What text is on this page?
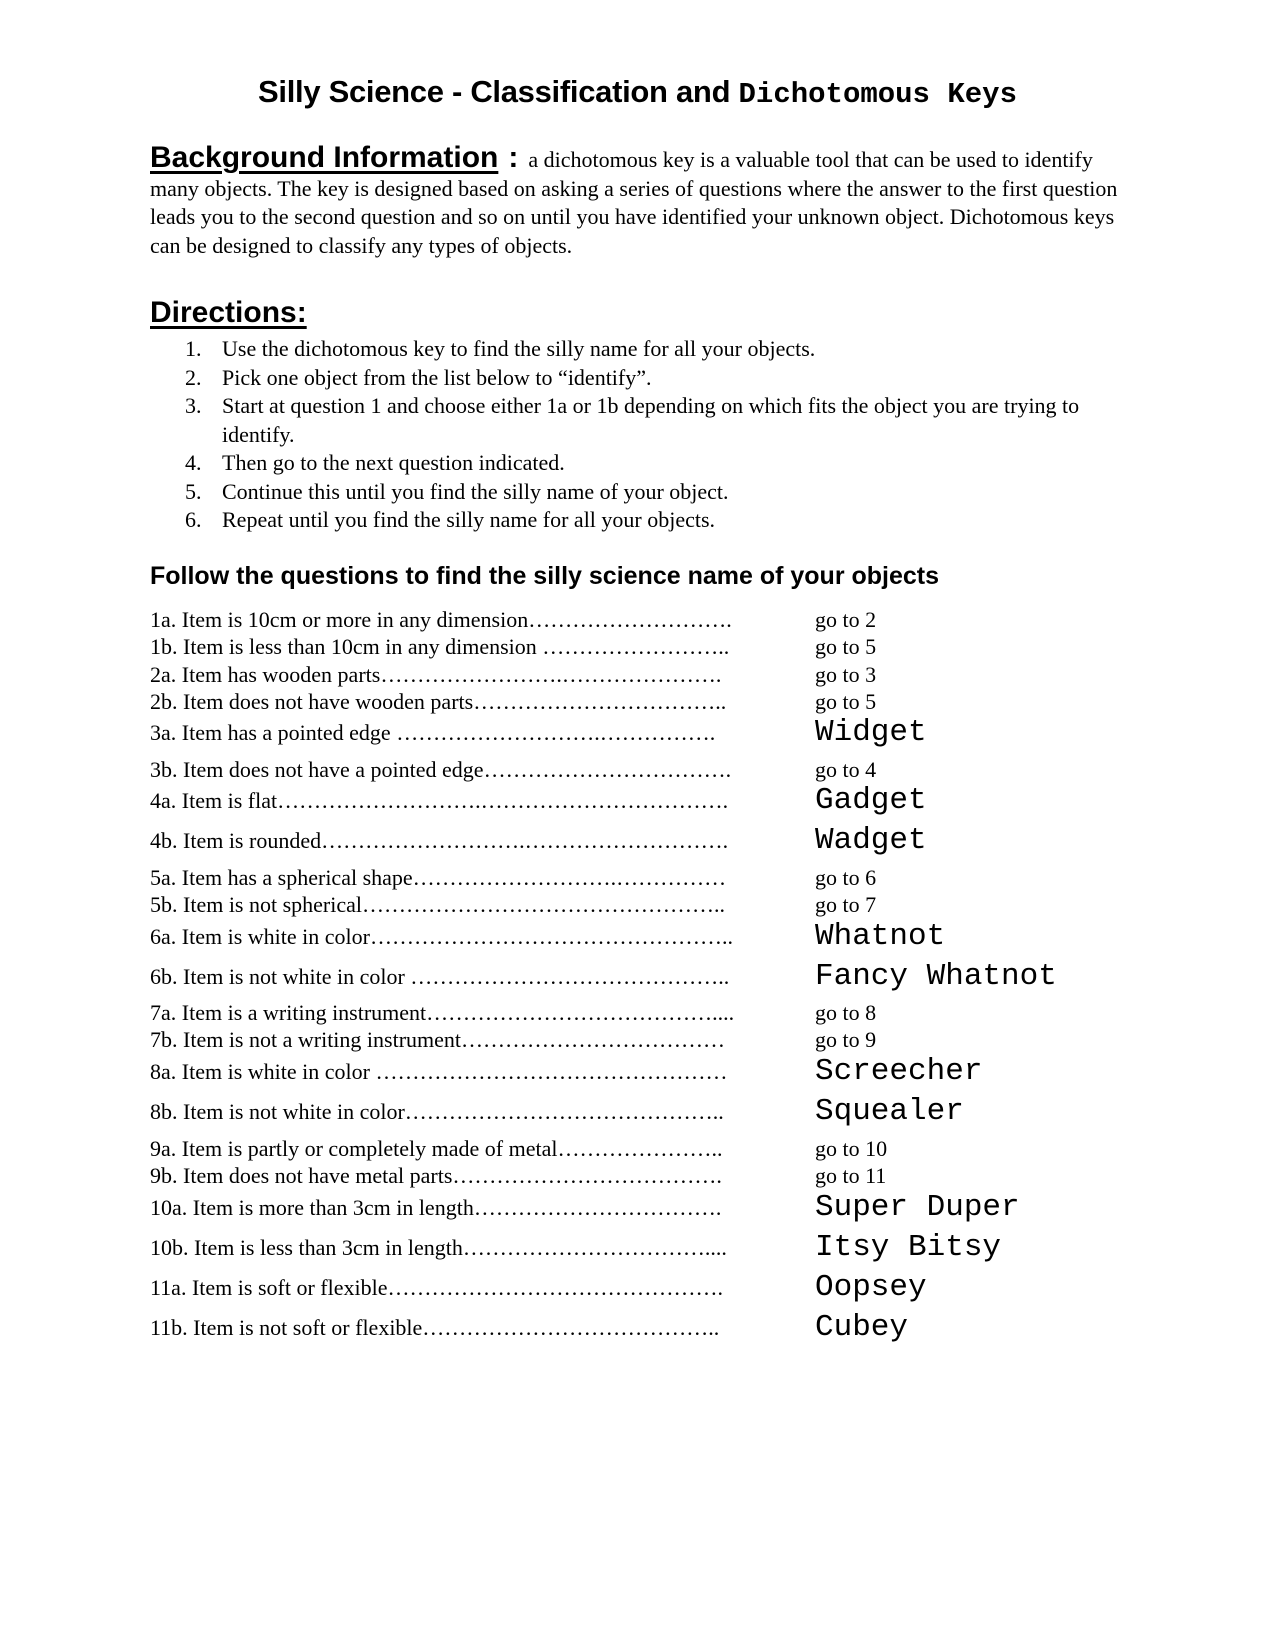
Silly Science - Classification and Dichotomous Keys
Background Information : a dichotomous key is a valuable tool that can be used to identify many objects. The key is designed based on asking a series of questions where the answer to the first question leads you to the second question and so on until you have identified your unknown object. Dichotomous keys can be designed to classify any types of objects.
Directions:
1. Use the dichotomous key to find the silly name for all your objects.
2. Pick one object from the list below to “identify”.
3. Start at question 1 and choose either 1a or 1b depending on which fits the object you are trying to identify.
4. Then go to the next question indicated.
5. Continue this until you find the silly name of your object.
6. Repeat until you find the silly name for all your objects.
Follow the questions to find the silly science name of your objects
1a. Item is 10cm or more in any dimension……………………….	go to 2
1b. Item is less than 10cm in any dimension ……………………..	go to 5
2a. Item has wooden parts…………………….………………….	go to 3
2b. Item does not have wooden parts……………………………..	go to 5
3a. Item has a pointed edge ……………………….…………….	Widget
3b. Item does not have a pointed edge…………………………….	go to 4
4a. Item is flat……………………….…………………………….	Gadget
4b. Item is rounded……………………….……………………….	Wadget
5a. Item has a spherical shape……………………….……………	go to 6
5b. Item is not spherical…………………………………………..	go to 7
6a. Item is white in color…………………………………………..	Whatnot
6b. Item is not white in color ……………………………………..	Fancy Whatnot
7a. Item is a writing instrument…………………………………....	go to 8
7b. Item is not a writing instrument………………………………	go to 9
8a. Item is white in color …………………………………………	Screecher
8b. Item is not white in color……………………………………..	Squealer
9a. Item is partly or completely made of metal…………………..	go to 10
9b. Item does not have metal parts……………………………….	go to 11
10a. Item is more than 3cm in length…………………………….	Super Duper
10b. Item is less than 3cm in length……………………………....	Itsy Bitsy
11a. Item is soft or flexible……………………………………….	Oopsey
11b. Item is not soft or flexible…………………………………..	Cubey
